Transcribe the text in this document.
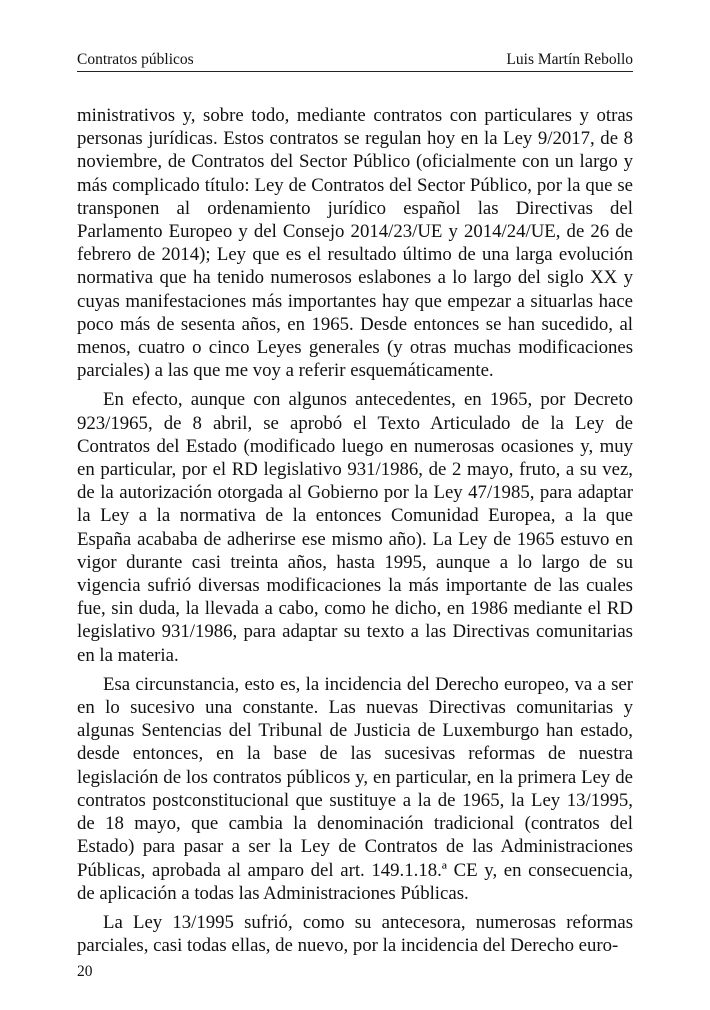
Contratos públicos	Luis Martín Rebollo

ministrativos y, sobre todo, mediante contratos con particulares y otras personas jurídicas. Estos contratos se regulan hoy en la Ley 9/2017, de 8 noviembre, de Contratos del Sector Público (oficialmente con un largo y más complicado título: Ley de Contratos del Sector Público, por la que se transponen al ordenamiento jurídico español las Directivas del Parlamento Europeo y del Consejo 2014/23/UE y 2014/24/UE, de 26 de febrero de 2014); Ley que es el resultado último de una larga evolución normativa que ha tenido numerosos eslabones a lo largo del siglo XX y cuyas manifestaciones más importantes hay que empezar a situarlas hace poco más de sesenta años, en 1965. Desde entonces se han sucedido, al menos, cuatro o cinco Leyes generales (y otras muchas modificaciones parciales) a las que me voy a referir esquemáticamente.

En efecto, aunque con algunos antecedentes, en 1965, por Decreto 923/1965, de 8 abril, se aprobó el Texto Articulado de la Ley de Contratos del Estado (modificado luego en numerosas ocasiones y, muy en particular, por el RD legislativo 931/1986, de 2 mayo, fruto, a su vez, de la autorización otorgada al Gobierno por la Ley 47/1985, para adaptar la Ley a la normativa de la entonces Comunidad Europea, a la que España acababa de adherirse ese mismo año). La Ley de 1965 estuvo en vigor durante casi treinta años, hasta 1995, aunque a lo largo de su vigencia sufrió diversas modificaciones la más importante de las cuales fue, sin duda, la llevada a cabo, como he dicho, en 1986 mediante el RD legislativo 931/1986, para adaptar su texto a las Directivas comunitarias en la materia.

Esa circunstancia, esto es, la incidencia del Derecho europeo, va a ser en lo sucesivo una constante. Las nuevas Directivas comunitarias y algunas Sentencias del Tribunal de Justicia de Luxemburgo han estado, desde entonces, en la base de las sucesivas reformas de nuestra legislación de los contratos públicos y, en particular, en la primera Ley de contratos postconstitucional que sustituye a la de 1965, la Ley 13/1995, de 18 mayo, que cambia la denominación tradicional (contratos del Estado) para pasar a ser la Ley de Contratos de las Administraciones Públicas, aprobada al amparo del art. 149.1.18.ª CE y, en consecuencia, de aplicación a todas las Administraciones Públicas.

La Ley 13/1995 sufrió, como su antecesora, numerosas reformas parciales, casi todas ellas, de nuevo, por la incidencia del Derecho euro-

20
